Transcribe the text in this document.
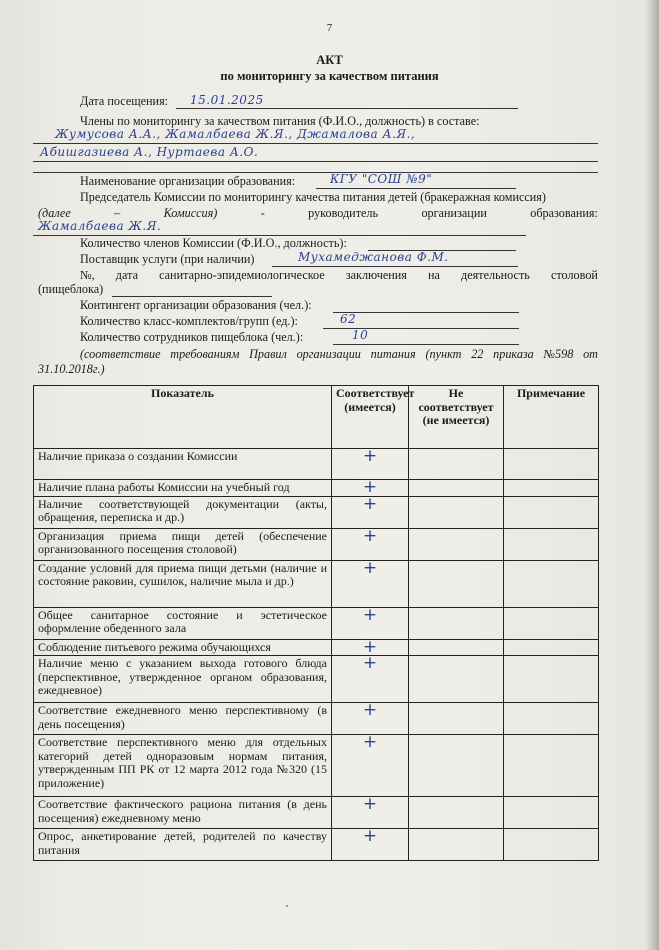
7
АКТ
по мониторингу за качеством питания
Дата посещения: 15.01.2025
Члены по мониторингу за качеством питания (Ф.И.О., должность) в составе:
Жумусова А.А., Жамалбаева Ж.Я., Джамалова А.Я.,
Абишгазиева А., Нуртаева А.О.
Наименование организации образования:	КГУ "СОШ №9"
Председатель Комиссии по мониторингу качества питания детей (бракеражная комиссия)
(далее	–	Комиссия)	-	руководитель	организации	образования:
Жамалбаева Ж.Я.
Количество членов Комиссии (Ф.И.О., должность):
Поставщик услуги (при наличии)	Мухамеджанова Ф.М.
№, дата санитарно-эпидемиологическое заключения на деятельность столовой
(пищеблока)
Контингент организации образования (чел.):
Количество класс-комплектов/групп (ед.):	62
Количество сотрудников пищеблока (чел.):	10
(соответствие требованиям Правил организации питания (пункт 22 приказа №598 от
31.10.2018г.)
Показатель	Соответствует (имеется)	Не соответствует (не имеется)	Примечание
Наличие приказа о создании Комиссии	+		
Наличие плана работы Комиссии на учебный год	+		
Наличие соответствующей документации (акты, обращения, переписка и др.)	+		
Организация приема пищи детей (обеспечение организованного посещения столовой)	+		
Создание условий для приема пищи детьми (наличие и состояние раковин, сушилок, наличие мыла и др.)	+		
Общее санитарное состояние и эстетическое оформление обеденного зала	+		
Соблюдение питьевого режима обучающихся	+		
Наличие меню с указанием выхода готового блюда (перспективное, утвержденное органом образования, ежедневное)	+		
Соответствие ежедневного меню перспективному (в день посещения)	+		
Соответствие перспективного меню для отдельных категорий детей одноразовым нормам питания, утвержденным ПП РК от 12 марта 2012 года №320 (15 приложение)	+		
Соответствие фактического рациона питания (в день посещения) ежедневному меню	+		
Опрос, анкетирование детей, родителей по качеству питания	+		
